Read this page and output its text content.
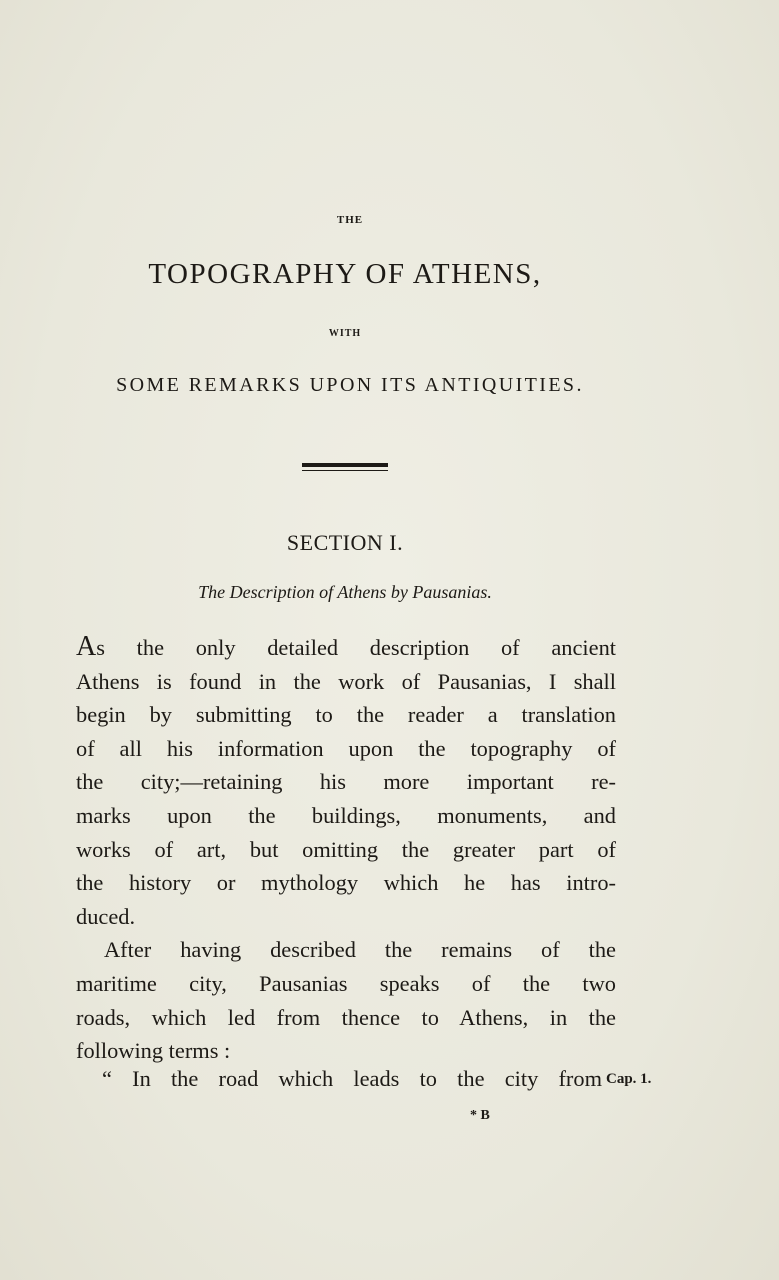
THE
TOPOGRAPHY OF ATHENS,
WITH
SOME REMARKS UPON ITS ANTIQUITIES.
SECTION I.
The Description of Athens by Pausanias.
As the only detailed description of ancient
Athens is found in the work of Pausanias, I shall
begin by submitting to the reader a translation
of all his information upon the topography of
the city;—retaining his more important re-
marks upon the buildings, monuments, and
works of art, but omitting the greater part of
the history or mythology which he has intro-
duced.
After having described the remains of the
maritime city, Pausanias speaks of the two
roads, which led from thence to Athens, in the
following terms :
“ In the road which leads to the city from Cap. 1.
* B
